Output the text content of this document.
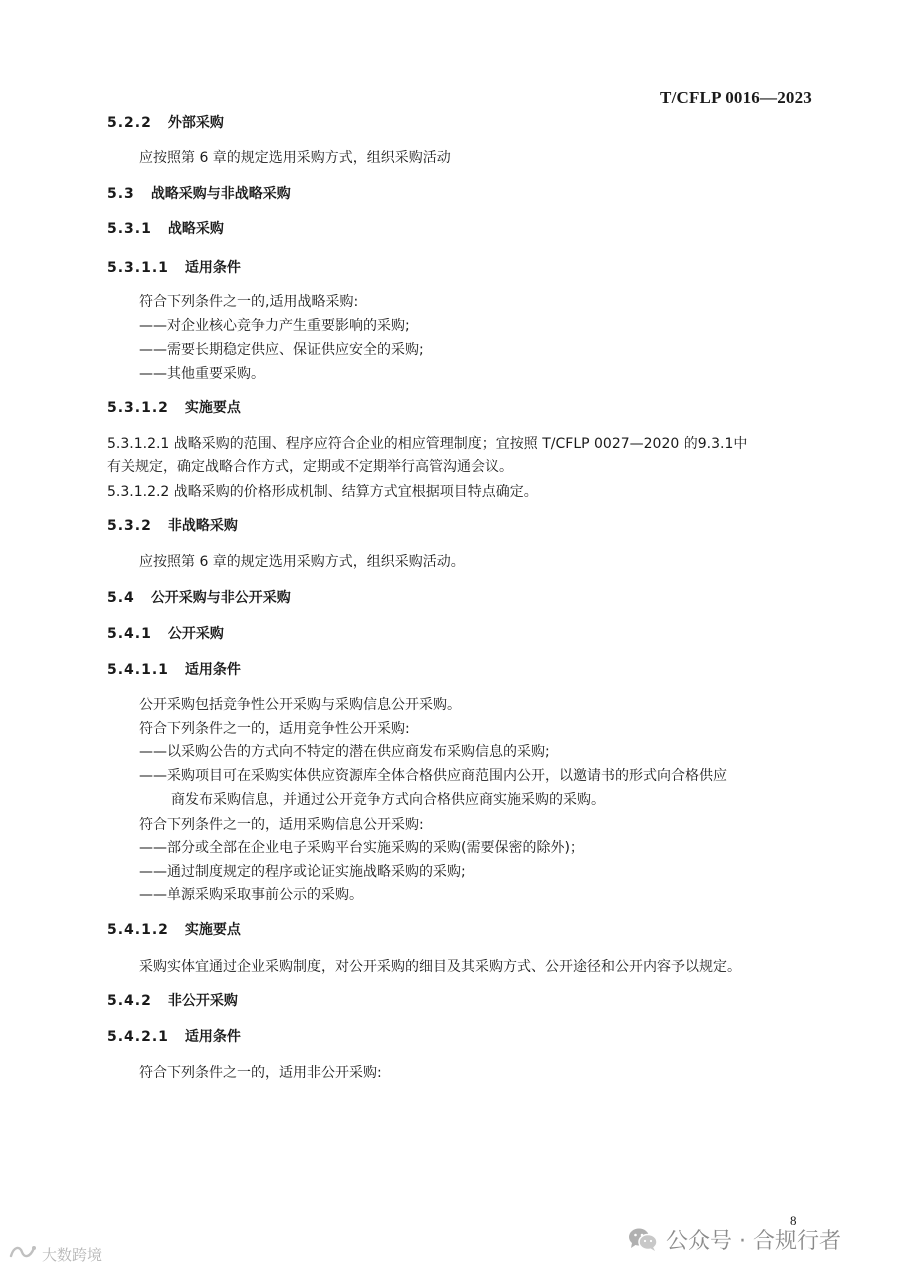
T/CFLP 0016—2023
5.2.2 外部采购
应按照第 6 章的规定选用采购方式，组织采购活动
5.3 战略采购与非战略采购
5.3.1 战略采购
5.3.1.1 适用条件
符合下列条件之一的,适用战略采购:
——对企业核心竞争力产生重要影响的采购;
——需要长期稳定供应、保证供应安全的采购;
——其他重要采购。
5.3.1.2 实施要点
5.3.1.2.1 战略采购的范围、程序应符合企业的相应管理制度；宜按照 T/CFLP 0027—2020 的9.3.1中
有关规定，确定战略合作方式，定期或不定期举行高管沟通会议。
5.3.1.2.2 战略采购的价格形成机制、结算方式宜根据项目特点确定。
5.3.2 非战略采购
应按照第 6 章的规定选用采购方式，组织采购活动。
5.4 公开采购与非公开采购
5.4.1 公开采购
5.4.1.1 适用条件
公开采购包括竞争性公开采购与采购信息公开采购。
符合下列条件之一的，适用竞争性公开采购:
——以采购公告的方式向不特定的潜在供应商发布采购信息的采购;
——采购项目可在采购实体供应资源库全体合格供应商范围内公开，以邀请书的形式向合格供应
商发布采购信息，并通过公开竞争方式向合格供应商实施采购的采购。
符合下列条件之一的，适用采购信息公开采购:
——部分或全部在企业电子采购平台实施采购的采购(需要保密的除外)；
——通过制度规定的程序或论证实施战略采购的采购;
——单源采购采取事前公示的采购。
5.4.1.2 实施要点
采购实体宜通过企业采购制度，对公开采购的细目及其采购方式、公开途径和公开内容予以规定。
5.4.2 非公开采购
5.4.2.1 适用条件
符合下列条件之一的，适用非公开采购:
8
公众号 · 合规行者
大数跨境
